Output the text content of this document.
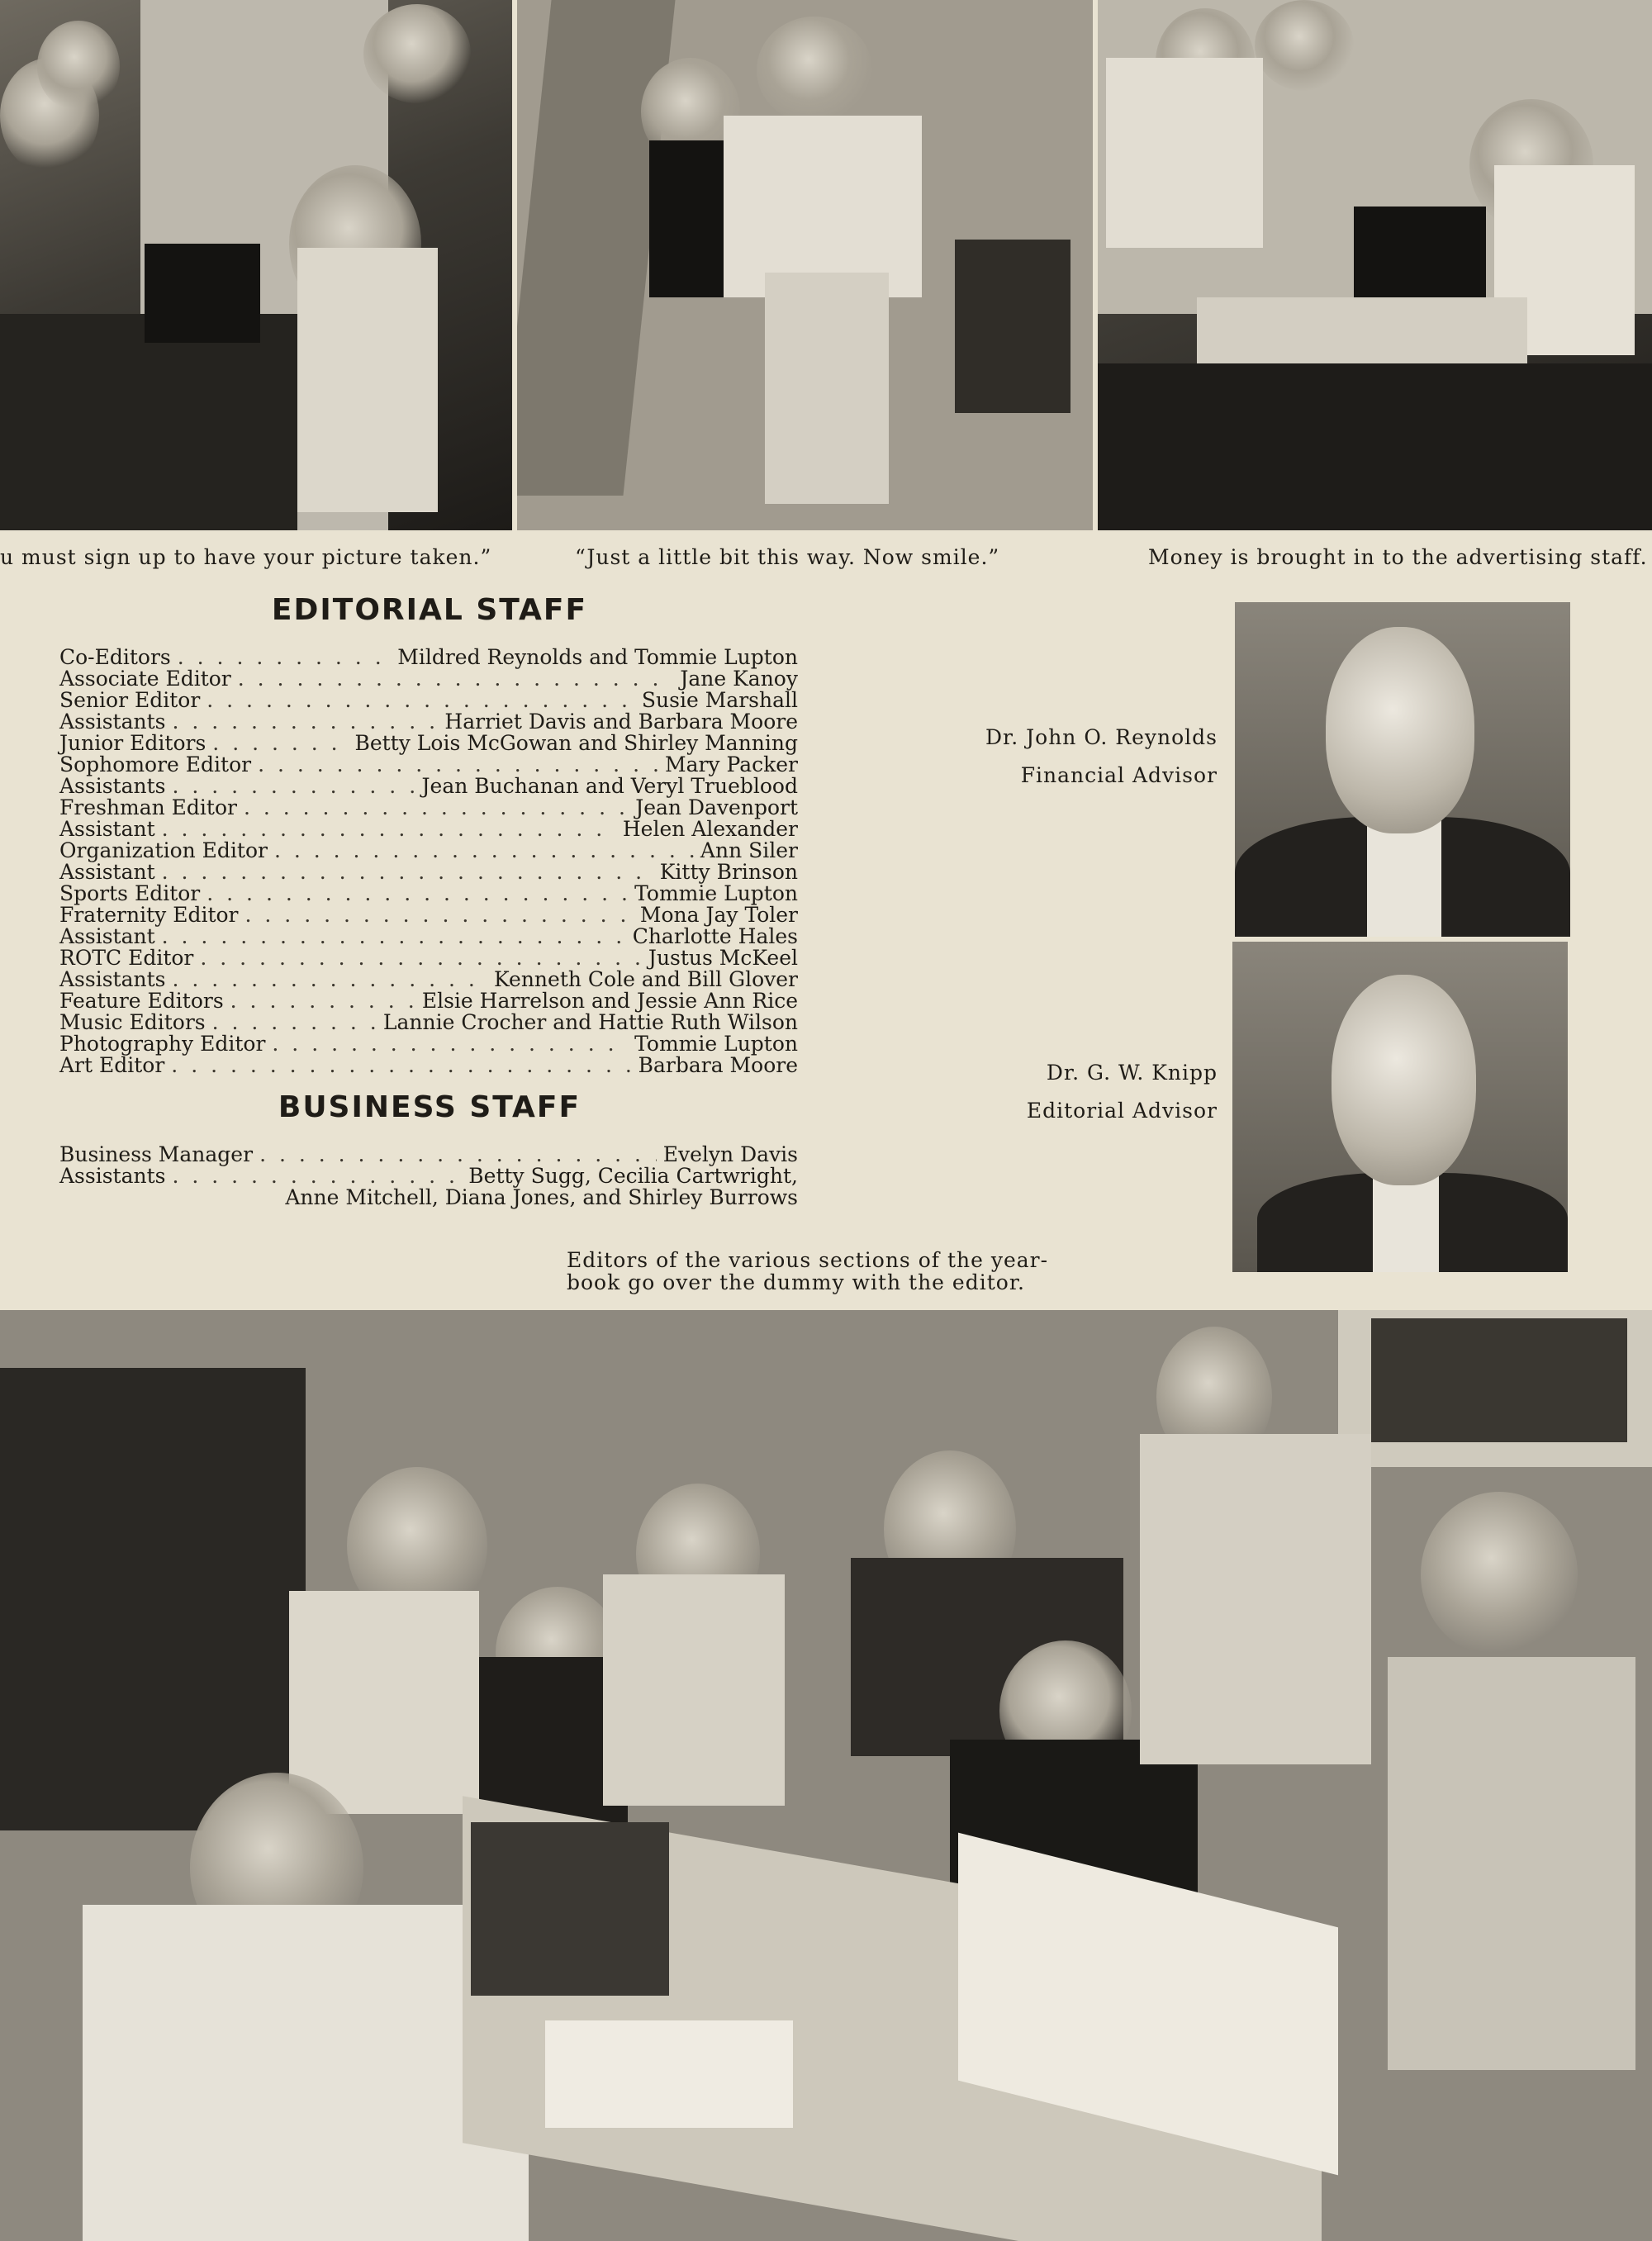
u must sign up to have your picture taken.”	“Just a little bit this way. Now smile.”	Money is brought in to the advertising staff.
EDITORIAL STAFF
Co-Editors . . .	Mildred Reynolds and Tommie Lupton
Associate Editor . . .	Jane Kanoy
Senior Editor . . .	Susie Marshall
Assistants . . .	Harriet Davis and Barbara Moore
Junior Editors . . .	Betty Lois McGowan and Shirley Manning
Sophomore Editor . . .	Mary Packer
Assistants . . .	Jean Buchanan and Veryl Trueblood
Freshman Editor . . .	Jean Davenport
Assistant . . .	Helen Alexander
Organization Editor . . .	Ann Siler
Assistant . . .	Kitty Brinson
Sports Editor . . .	Tommie Lupton
Fraternity Editor . . .	Mona Jay Toler
Assistant . . .	Charlotte Hales
ROTC Editor . . .	Justus McKeel
Assistants . . .	Kenneth Cole and Bill Glover
Feature Editors . . .	Elsie Harrelson and Jessie Ann Rice
Music Editors . . .	Lannie Crocher and Hattie Ruth Wilson
Photography Editor . . .	Tommie Lupton
Art Editor . . .	Barbara Moore
BUSINESS STAFF
Business Manager . . .	Evelyn Davis
Assistants . . .	Betty Sugg, Cecilia Cartwright,
Anne Mitchell, Diana Jones, and Shirley Burrows
Dr. John O. Reynolds
Financial Advisor
Dr. G. W. Knipp
Editorial Advisor
Editors of the various sections of the year-
book go over the dummy with the editor.
